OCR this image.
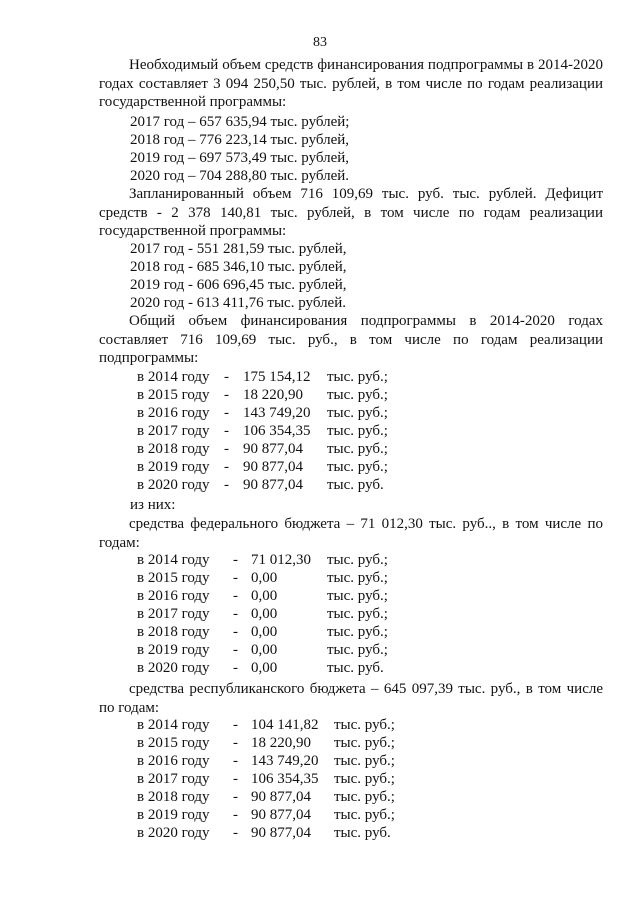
83

Необходимый объем средств финансирования подпрограммы в 2014-2020 годах составляет 3 094 250,50 тыс. рублей, в том числе по годам реализации государственной программы:

2017 год – 657 635,94 тыс. рублей;
2018 год – 776 223,14 тыс. рублей,
2019 год – 697 573,49 тыс. рублей,
2020 год – 704 288,80 тыс. рублей.

Запланированный объем 716 109,69 тыс. руб. тыс. рублей. Дефицит средств - 2 378 140,81 тыс. рублей, в том числе по годам реализации государственной программы:

2017 год - 551 281,59 тыс. рублей,
2018 год - 685 346,10 тыс. рублей,
2019 год - 606 696,45 тыс. рублей,
2020 год - 613 411,76 тыс. рублей.

Общий объем финансирования подпрограммы в 2014-2020 годах составляет 716 109,69 тыс. руб., в том числе по годам реализации подпрограммы:

в 2014 году - 175 154,12 тыс. руб.;
в 2015 году - 18 220,90 тыс. руб.;
в 2016 году - 143 749,20 тыс. руб.;
в 2017 году - 106 354,35 тыс. руб.;
в 2018 году - 90 877,04 тыс. руб.;
в 2019 году - 90 877,04 тыс. руб.;
в 2020 году - 90 877,04 тыс. руб.
из них:

средства федерального бюджета – 71 012,30 тыс. руб.., в том числе по годам:

в 2014 году - 71 012,30 тыс. руб.;
в 2015 году - 0,00	тыс. руб.;
в 2016 году - 0,00	тыс. руб.;
в 2017 году - 0,00	тыс. руб.;
в 2018 году - 0,00	тыс. руб.;
в 2019 году - 0,00	тыс. руб.;
в 2020 году - 0,00	тыс. руб.

средства республиканского бюджета – 645 097,39 тыс. руб., в том числе по годам:

в 2014 году - 104 141,82 тыс. руб.;
в 2015 году - 18 220,90 тыс. руб.;
в 2016 году - 143 749,20 тыс. руб.;
в 2017 году - 106 354,35 тыс. руб.;
в 2018 году - 90 877,04 тыс. руб.;
в 2019 году - 90 877,04 тыс. руб.;
в 2020 году - 90 877,04 тыс. руб.
